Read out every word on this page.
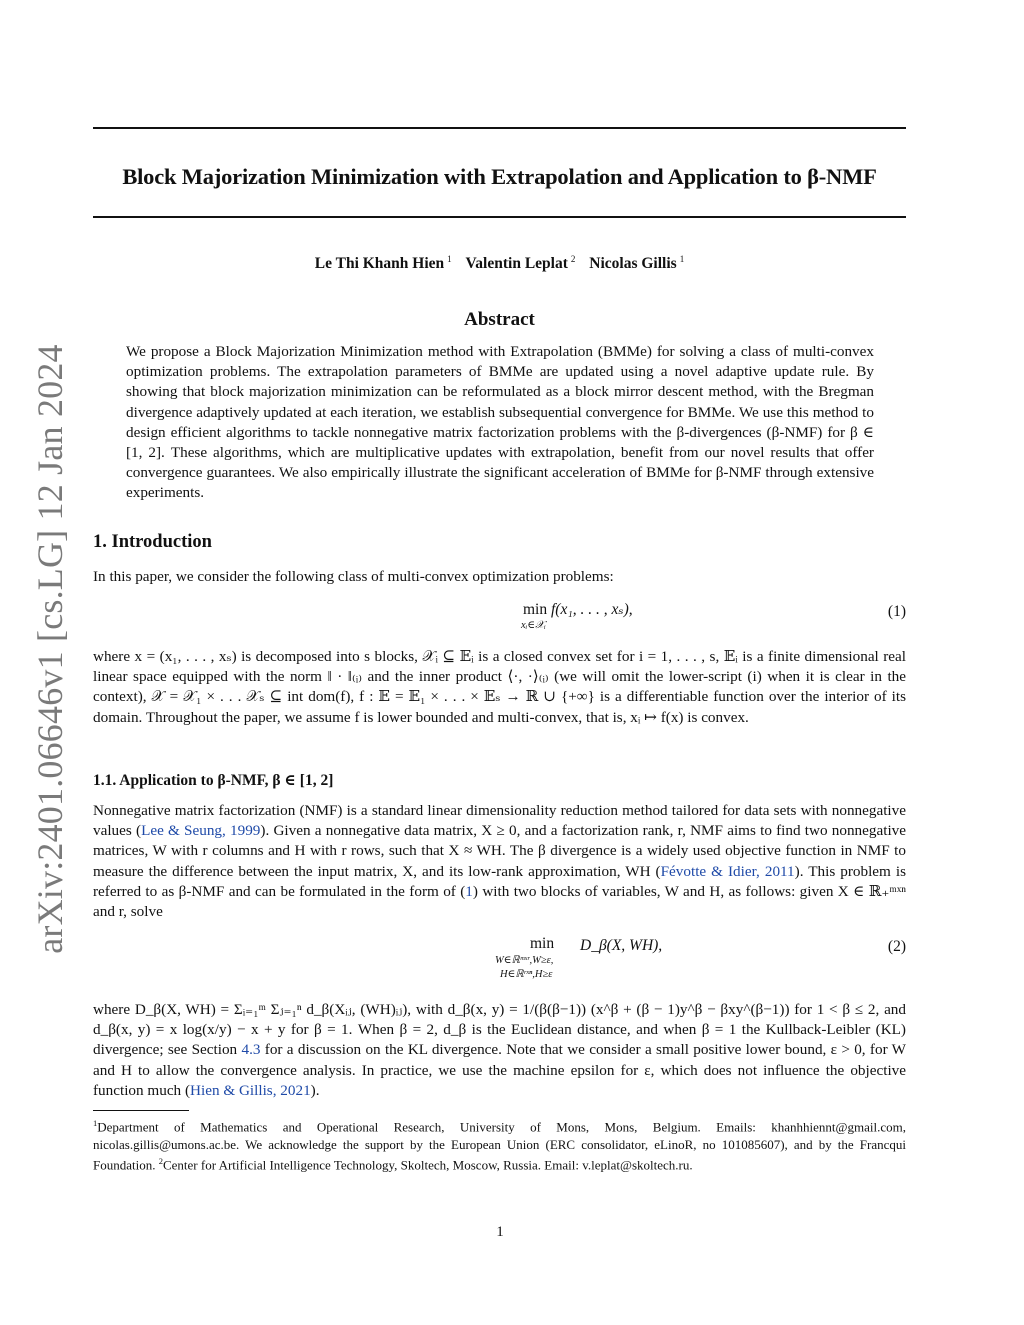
arXiv:2401.06646v1 [cs.LG] 12 Jan 2024
Block Majorization Minimization with Extrapolation and Application to β-NMF
Le Thi Khanh Hien $^1$ Valentin Leplat $^2$ Nicolas Gillis $^1$
Abstract
We propose a Block Majorization Minimization method with Extrapolation (BMMe) for solving a class of multi-convex optimization problems. The extrapolation parameters of BMMe are updated using a novel adaptive update rule. By showing that block majorization minimization can be reformulated as a block mirror descent method, with the Bregman divergence adaptively updated at each iteration, we establish subsequential convergence for BMMe. We use this method to design efficient algorithms to tackle nonnegative matrix factorization problems with the β-divergences (β-NMF) for β ∈ [1, 2]. These algorithms, which are multiplicative updates with extrapolation, benefit from our novel results that offer convergence guarantees. We also empirically illustrate the significant acceleration of BMMe for β-NMF through extensive experiments.
1. Introduction
In this paper, we consider the following class of multi-convex optimization problems:
min f(x₁, . . . , xₛ),
xᵢ∈𝒳ᵢ
(1)
where x = (x₁, . . . , xₛ) is decomposed into s blocks, 𝒳ᵢ ⊆ 𝔼ᵢ is a closed convex set for i = 1, . . . , s, 𝔼ᵢ is a finite dimensional real linear space equipped with the norm ‖ · ‖₍ᵢ₎ and the inner product ⟨·, ·⟩₍ᵢ₎ (we will omit the lower-script (i) when it is clear in the context), 𝒳 = 𝒳₁ × . . . 𝒳ₛ ⊆ int dom(f), f : 𝔼 = 𝔼₁ × . . . × 𝔼ₛ → ℝ ∪ {+∞} is a differentiable function over the interior of its domain. Throughout the paper, we assume f is lower bounded and multi-convex, that is, xᵢ ↦ f(x) is convex.
1.1. Application to β-NMF, β ∈ [1, 2]
Nonnegative matrix factorization (NMF) is a standard linear dimensionality reduction method tailored for data sets with nonnegative values (Lee & Seung, 1999). Given a nonnegative data matrix, X ≥ 0, and a factorization rank, r, NMF aims to find two nonnegative matrices, W with r columns and H with r rows, such that X ≈ WH. The β divergence is a widely used objective function in NMF to measure the difference between the input matrix, X, and its low-rank approximation, WH (Févotte & Idier, 2011). This problem is referred to as β-NMF and can be formulated in the form of (1) with two blocks of variables, W and H, as follows: given X ∈ ℝ₊ᵐˣⁿ and r, solve
min D_β(X, WH),
W∈ℝᵐˣʳ,W≥ε,
H∈ℝʳˣⁿ,H≥ε
(2)
where D_β(X, WH) = Σᵢ₌₁ᵐ Σⱼ₌₁ⁿ d_β(Xᵢⱼ, (WH)ᵢⱼ), with d_β(x, y) = 1/(β(β−1)) (x^β + (β − 1)y^β − βxy^(β−1)) for 1 < β ≤ 2, and d_β(x, y) = x log(x/y) − x + y for β = 1. When β = 2, d_β is the Euclidean distance, and when β = 1 the Kullback-Leibler (KL) divergence; see Section 4.3 for a discussion on the KL divergence. Note that we consider a small positive lower bound, ε > 0, for W and H to allow the convergence analysis. In practice, we use the machine epsilon for ε, which does not influence the objective function much (Hien & Gillis, 2021).
$^1$Department of Mathematics and Operational Research, University of Mons, Mons, Belgium. Emails: khanhhiennt@gmail.com, nicolas.gillis@umons.ac.be. We acknowledge the support by the European Union (ERC consolidator, eLinoR, no 101085607), and by the Francqui Foundation. $^2$Center for Artificial Intelligence Technology, Skoltech, Moscow, Russia. Email: v.leplat@skoltech.ru.
1
